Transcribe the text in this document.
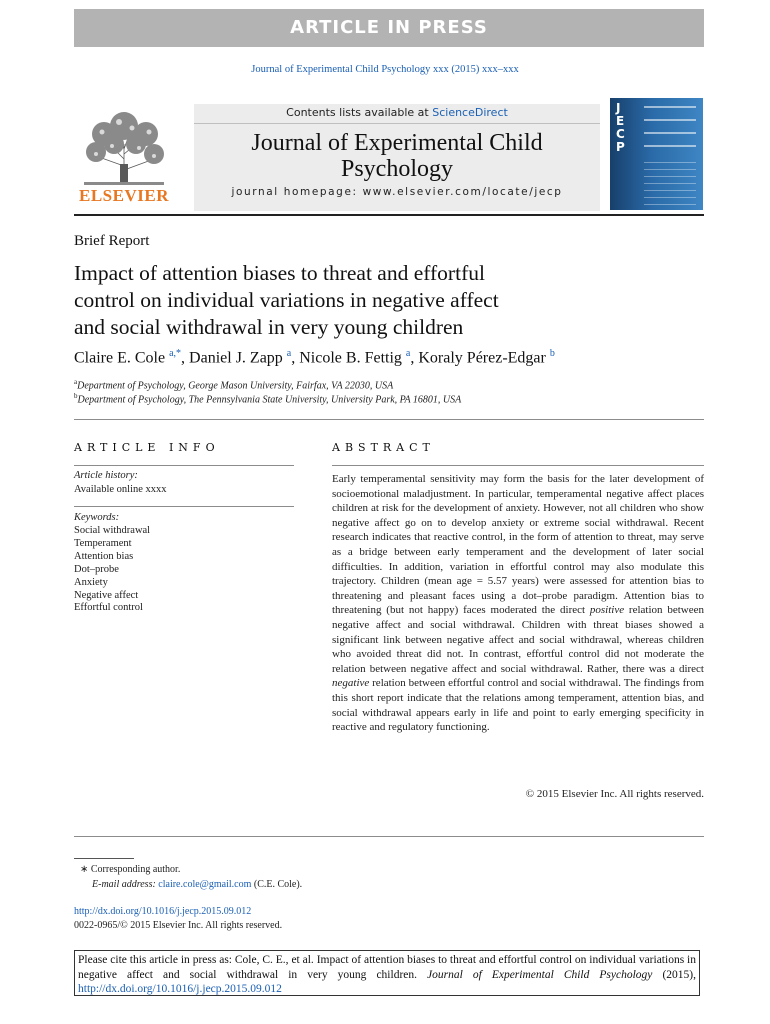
ARTICLE IN PRESS
Journal of Experimental Child Psychology xxx (2015) xxx–xxx
ELSEVIER
Contents lists available at ScienceDirect
Journal of Experimental Child
Psychology
journal homepage: www.elsevier.com/locate/jecp
J
E
C
P
Brief Report
Impact of attention biases to threat and effortful
control on individual variations in negative affect
and social withdrawal in very young children
Claire E. Cole $^{a,*}$, Daniel J. Zapp $^a$, Nicole B. Fettig $^a$, Koraly Pérez-Edgar $^b$
$^a$Department of Psychology, George Mason University, Fairfax, VA 22030, USA
$^b$Department of Psychology, The Pennsylvania State University, University Park, PA 16801, USA
ARTICLE INFO	ABSTRACT
Article history:
Available online xxxx
Keywords:
Social withdrawal
Temperament
Attention bias
Dot–probe
Anxiety
Negative affect
Effortful control
Early temperamental sensitivity may form the basis for the later development of socioemotional maladjustment. In particular, temperamental negative affect places children at risk for the development of anxiety. However, not all children who show negative affect go on to develop anxiety or extreme social withdrawal. Recent research indicates that reactive control, in the form of attention to threat, may serve as a bridge between early temperament and the development of later social difficulties. In addition, variation in effortful control may also modulate this trajectory. Children (mean age = 5.57 years) were assessed for attention bias to threatening and pleasant faces using a dot–probe paradigm. Attention bias to threatening (but not happy) faces moderated the direct positive relation between negative affect and social withdrawal. Children with threat biases showed a significant link between negative affect and social withdrawal, whereas children who avoided threat did not. In contrast, effortful control did not moderate the relation between negative affect and social withdrawal. Rather, there was a direct negative relation between effortful control and social withdrawal. The findings from this short report indicate that the relations among temperament, attention bias, and social withdrawal appears early in life and point to early emerging specificity in reactive and regulatory functioning.
© 2015 Elsevier Inc. All rights reserved.
∗ Corresponding author.
E-mail address: claire.cole@gmail.com (C.E. Cole).
http://dx.doi.org/10.1016/j.jecp.2015.09.012
0022-0965/© 2015 Elsevier Inc. All rights reserved.
Please cite this article in press as: Cole, C. E., et al. Impact of attention biases to threat and effortful control on individual variations in negative affect and social withdrawal in very young children. Journal of Experimental Child Psychology (2015), http://dx.doi.org/10.1016/j.jecp.2015.09.012
